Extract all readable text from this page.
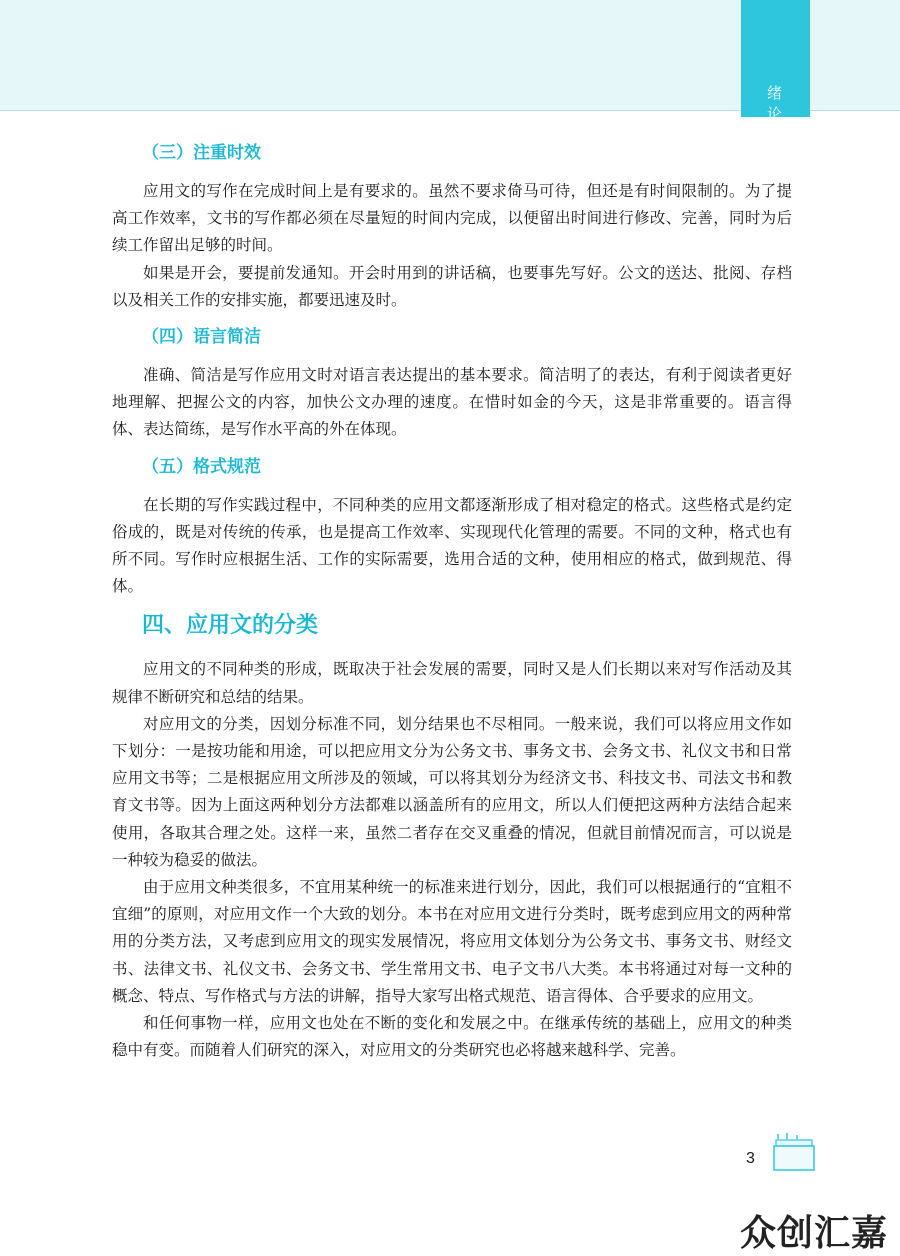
绪 论
（三）注重时效

应用文的写作在完成时间上是有要求的。虽然不要求倚马可待，但还是有时间限制的。为了提高工作效率，文书的写作都必须在尽量短的时间内完成，以便留出时间进行修改、完善，同时为后续工作留出足够的时间。

如果是开会，要提前发通知。开会时用到的讲话稿，也要事先写好。公文的送达、批阅、存档以及相关工作的安排实施，都要迅速及时。

（四）语言简洁

准确、简洁是写作应用文时对语言表达提出的基本要求。简洁明了的表达，有利于阅读者更好地理解、把握公文的内容，加快公文办理的速度。在惜时如金的今天，这是非常重要的。语言得体、表达简练，是写作水平高的外在体现。

（五）格式规范

在长期的写作实践过程中，不同种类的应用文都逐渐形成了相对稳定的格式。这些格式是约定俗成的，既是对传统的传承，也是提高工作效率、实现现代化管理的需要。不同的文种，格式也有所不同。写作时应根据生活、工作的实际需要，选用合适的文种，使用相应的格式，做到规范、得体。

四、应用文的分类

应用文的不同种类的形成，既取决于社会发展的需要，同时又是人们长期以来对写作活动及其规律不断研究和总结的结果。

对应用文的分类，因划分标准不同，划分结果也不尽相同。一般来说，我们可以将应用文作如下划分：一是按功能和用途，可以把应用文分为公务文书、事务文书、会务文书、礼仪文书和日常应用文书等；二是根据应用文所涉及的领域，可以将其划分为经济文书、科技文书、司法文书和教育文书等。因为上面这两种划分方法都难以涵盖所有的应用文，所以人们便把这两种方法结合起来使用，各取其合理之处。这样一来，虽然二者存在交叉重叠的情况，但就目前情况而言，可以说是一种较为稳妥的做法。

由于应用文种类很多，不宜用某种统一的标准来进行划分，因此，我们可以根据通行的“宜粗不宜细”的原则，对应用文作一个大致的划分。本书在对应用文进行分类时，既考虑到应用文的两种常用的分类方法，又考虑到应用文的现实发展情况，将应用文体划分为公务文书、事务文书、财经文书、法律文书、礼仪文书、会务文书、学生常用文书、电子文书八大类。本书将通过对每一文种的概念、特点、写作格式与方法的讲解，指导大家写出格式规范、语言得体、合乎要求的应用文。

和任何事物一样，应用文也处在不断的变化和发展之中。在继承传统的基础上，应用文的种类稳中有变。而随着人们研究的深入，对应用文的分类研究也必将越来越科学、完善。

3
众创汇嘉
